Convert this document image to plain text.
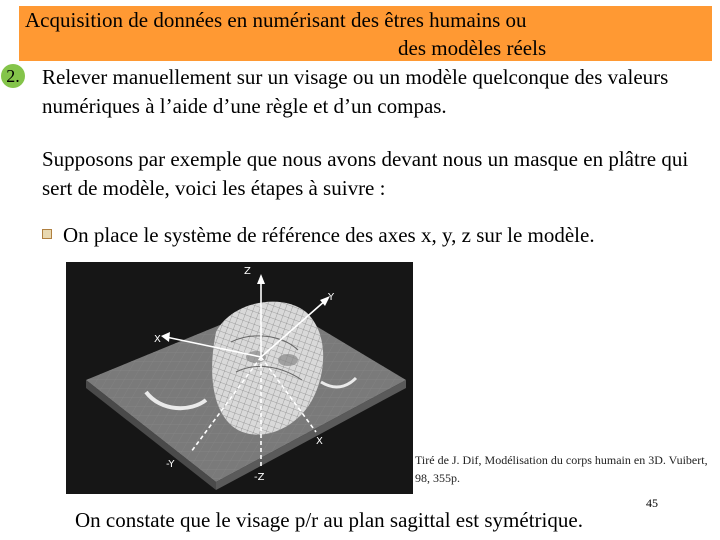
Acquisition de données en numérisant des êtres humains ou
des modèles réels
2. Relever manuellement sur un visage ou un modèle quelconque des valeurs numériques à l’aide d’une règle et d’un compas.
Supposons par exemple que nous avons devant nous un masque en plâtre qui sert de modèle, voici les étapes à suivre :
On place le système de référence des axes x, y, z sur le modèle.
Z
Y
X
-Y
-Z
X
Tiré de J. Dif, Modélisation du corps humain en 3D. Vuibert, 98, 355p.
45
On constate que le visage p/r au plan sagittal est symétrique.
